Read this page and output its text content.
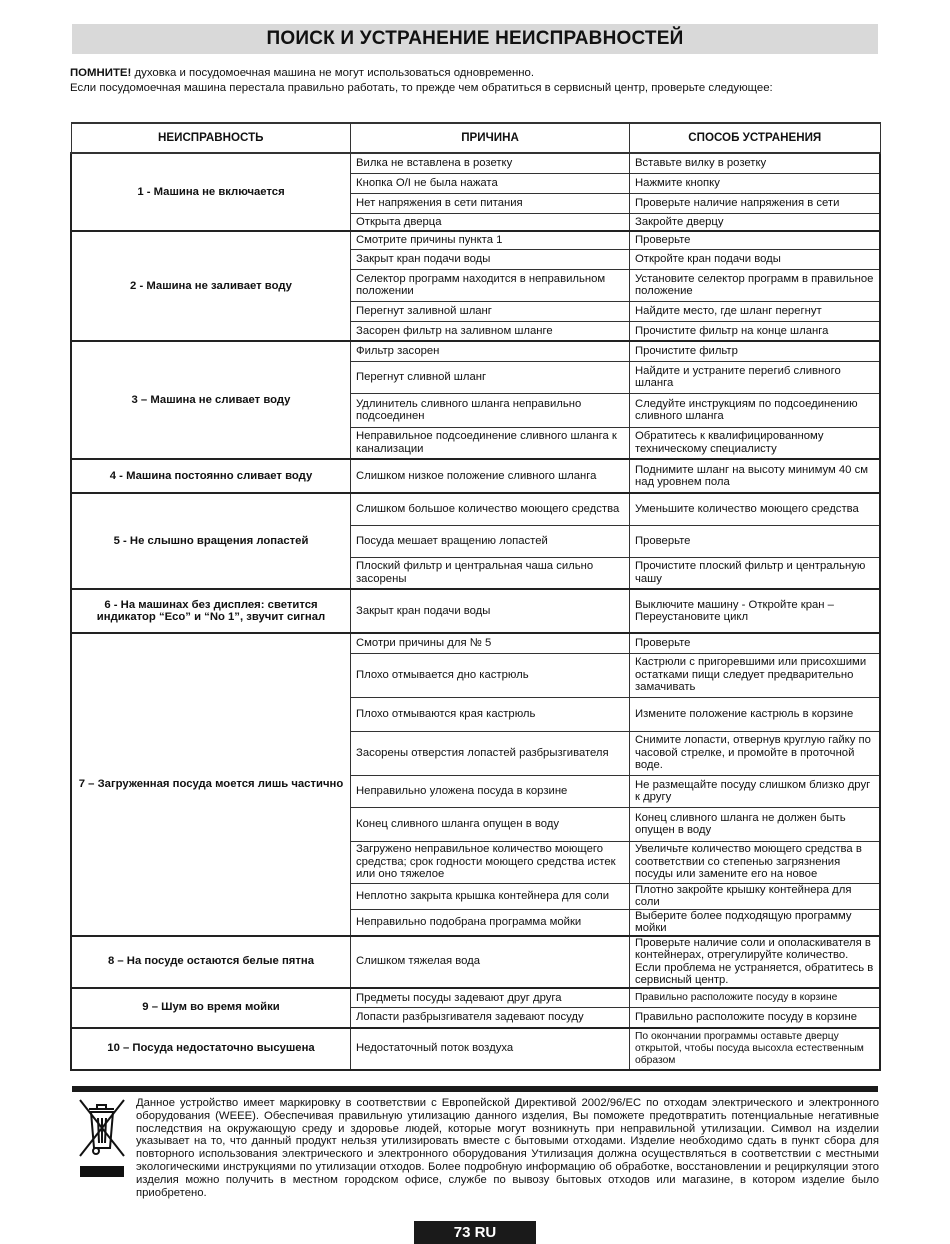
ПОИСК И УСТРАНЕНИЕ НЕИСПРАВНОСТЕЙ
ПОМНИТЕ! духовка и посудомоечная машина не могут использоваться одновременно.
Если посудомоечная машина перестала правильно работать, то прежде чем обратиться в сервисный центр, проверьте следующее:
НЕИСПРАВНОСТЬ	ПРИЧИНА	СПОСОБ УСТРАНЕНИЯ
1 - Машина не включается	Вилка не вставлена в розетку	Вставьте вилку в розетку
	Кнопка О/I не была нажата	Нажмите кнопку
	Нет напряжения в сети питания	Проверьте наличие напряжения в сети
	Открыта дверца	Закройте дверцу
2 - Машина не заливает воду	Смотрите причины пункта 1	Проверьте
	Закрыт кран подачи воды	Откройте кран подачи воды
	Селектор программ находится в неправильном положении	Установите селектор программ в правильное положение
	Перегнут заливной шланг	Найдите место, где шланг перегнут
	Засорен фильтр на заливном шланге	Прочистите фильтр на конце шланга
3 – Машина не сливает воду	Фильтр засорен	Прочистите фильтр
	Перегнут сливной шланг	Найдите и устраните перегиб сливного шланга
	Удлинитель сливного шланга неправильно подсоединен	Следуйте инструкциям по подсоединению сливного шланга
	Неправильное подсоединение сливного шланга к канализации	Обратитесь к квалифицированному техническому специалисту
4 - Машина постоянно сливает воду	Слишком низкое положение сливного шланга	Поднимите шланг на высоту минимум 40 см над уровнем пола
5 - Не слышно вращения лопастей	Слишком большое количество моющего средства	Уменьшите количество моющего средства
	Посуда мешает вращению лопастей	Проверьте
	Плоский фильтр и центральная чаша сильно засорены	Прочистите плоский фильтр и центральную чашу
6 - На машинах без дисплея: светится индикатор “Eco” и “No 1”, звучит сигнал	Закрыт кран подачи воды	Выключите машину - Откройте кран – Переустановите цикл
7 – Загруженная посуда моется лишь частично	Смотри причины для № 5	Проверьте
	Плохо отмывается дно кастрюль	Кастрюли с пригоревшими или присохшими остатками пищи следует предварительно замачивать
	Плохо отмываются края кастрюль	Измените положение кастрюль в корзине
	Засорены отверстия лопастей разбрызгивателя	Снимите лопасти, отвернув круглую гайку по часовой стрелке, и промойте в проточной воде.
	Неправильно уложена посуда в корзине	Не размещайте посуду слишком близко друг к другу
	Конец сливного шланга опущен в воду	Конец сливного шланга не должен быть опущен в воду
	Загружено неправильное количество моющего средства; срок годности моющего средства истек или оно тяжелое	Увеличьте количество моющего средства в соответствии со степенью загрязнения посуды или замените его на новое
	Неплотно закрыта крышка контейнера для соли	Плотно закройте крышку контейнера для соли
	Неправильно подобрана программа мойки	Выберите более подходящую программу мойки
8 – На посуде остаются белые пятна	Слишком тяжелая вода	Проверьте наличие соли и ополаскивателя в контейнерах, отрегулируйте количество. Если проблема не устраняется, обратитесь в сервисный центр.
9 – Шум во время мойки	Предметы посуды задевают друг друга	Правильно расположите посуду в корзине
	Лопасти разбрызгивателя задевают посуду	Правильно расположите посуду в корзине
10 – Посуда недостаточно высушена	Недостаточный поток воздуха	По окончании программы оставьте дверцу открытой, чтобы посуда высохла естественным образом
Данное устройство имеет маркировку в соответствии с Европейской Директивой 2002/96/ЕС по отходам электрического и электронного оборудования (WEEE). Обеспечивая правильную утилизацию данного изделия, Вы поможете предотвратить потенциальные негативные последствия на окружающую среду и здоровье людей, которые могут возникнуть при неправильной утилизации. Символ на изделии указывает на то, что данный продукт нельзя утилизировать вместе с бытовыми отходами. Изделие необходимо сдать в пункт сбора для повторного использования электрического и электронного оборудования Утилизация должна осуществляться в соответствии с местными экологическими инструкциями по утилизации отходов. Более подробную информацию об обработке, восстановлении и рециркуляции этого изделия можно получить в местном городском офисе, службе по вывозу бытовых отходов или магазине, в котором изделие было приобретено.
73 RU
